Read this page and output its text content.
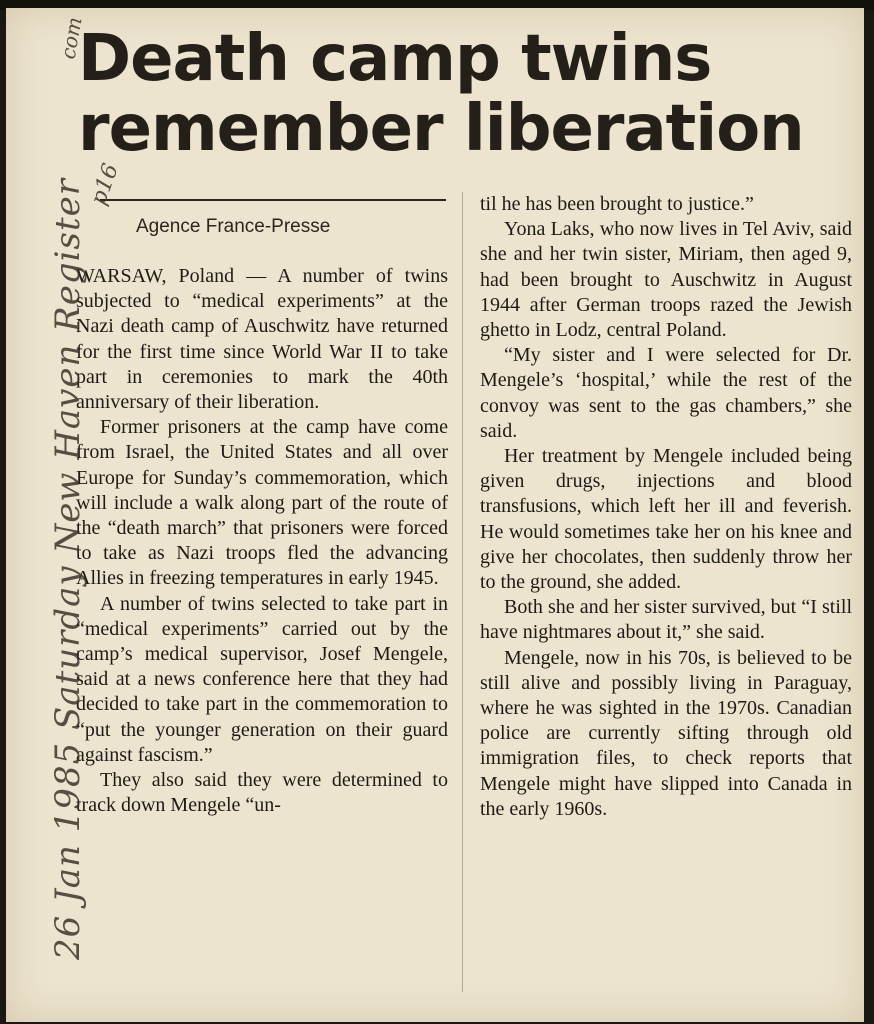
Death camp twins
remember liberation
Agence France-Presse

WARSAW, Poland — A number of twins subjected to “medical experiments” at the Nazi death camp of Auschwitz have returned for the first time since World War II to take part in ceremonies to mark the 40th anniversary of their liberation.

Former prisoners at the camp have come from Israel, the United States and all over Europe for Sunday’s commemoration, which will include a walk along part of the route of the “death march” that prisoners were forced to take as Nazi troops fled the advancing Allies in freezing temperatures in early 1945.

A number of twins selected to take part in “medical experiments” carried out by the camp’s medical supervisor, Josef Mengele, said at a news conference here that they had decided to take part in the commemoration to “put the younger generation on their guard against fascism.”

They also said they were determined to track down Mengele “un-

til he has been brought to justice.”

Yona Laks, who now lives in Tel Aviv, said she and her twin sister, Miriam, then aged 9, had been brought to Auschwitz in August 1944 after German troops razed the Jewish ghetto in Lodz, central Poland.

“My sister and I were selected for Dr. Mengele’s ‘hospital,’ while the rest of the convoy was sent to the gas chambers,” she said.

Her treatment by Mengele included being given drugs, injections and blood transfusions, which left her ill and feverish. He would sometimes take her on his knee and give her chocolates, then suddenly throw her to the ground, she added.

Both she and her sister survived, but “I still have nightmares about it,” she said.

Mengele, now in his 70s, is believed to be still alive and possibly living in Paraguay, where he was sighted in the 1970s. Canadian police are currently sifting through old immigration files, to check reports that Mengele might have slipped into Canada in the early 1960s.

26 Jan 1985 Saturday New Haven Register
p16
com
